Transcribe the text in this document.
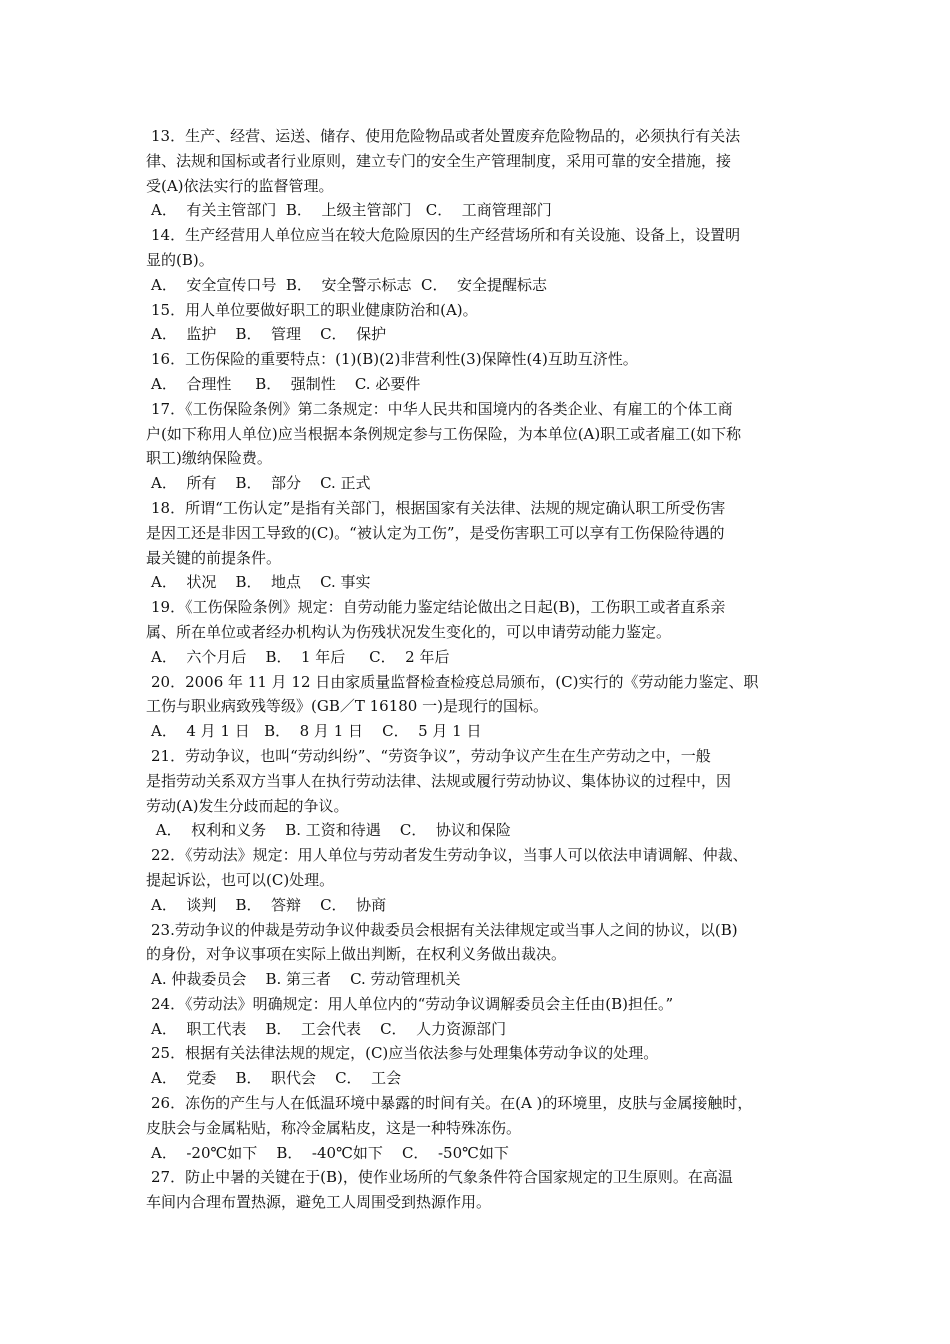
13．生产、经营、运送、储存、使用危险物品或者处置废弃危险物品的，必须执行有关法
律、法规和国标或者行业原则，建立专门的安全生产管理制度，采用可靠的安全措施，接
受(A)依法实行的监督管理。
A．  有关主管部门  B．  上级主管部门   C．  工商管理部门
14．生产经营用人单位应当在较大危险原因的生产经营场所和有关设施、设备上，设置明
显的(B)。
A．  安全宣传口号  B．  安全警示标志  C．  安全提醒标志
15．用人单位要做好职工的职业健康防治和(A)。
A．  监护    B．  管理    C．  保护
16．工伤保险的重要特点：(1)(B)(2)非营利性(3)保障性(4)互助互济性。
A．  合理性     B．  强制性    C. 必要件
17．《工伤保险条例》第二条规定：中华人民共和国境内的各类企业、有雇工的个体工商
户(如下称用人单位)应当根据本条例规定参与工伤保险，为本单位(A)职工或者雇工(如下称
职工)缴纳保险费。
A．  所有    B．  部分    C. 正式
18．所谓“工伤认定”是指有关部门，根据国家有关法律、法规的规定确认职工所受伤害
是因工还是非因工导致的(C)。“被认定为工伤”，是受伤害职工可以享有工伤保险待遇的
最关键的前提条件。
A．  状况    B．  地点    C. 事实
19．《工伤保险条例》规定：自劳动能力鉴定结论做出之日起(B)，工伤职工或者直系亲
属、所在单位或者经办机构认为伤残状况发生变化的，可以申请劳动能力鉴定。
A．  六个月后    B．  1 年后     C．  2 年后
20．2006 年 11 月 12 日由家质量监督检查检疫总局颁布，(C)实行的《劳动能力鉴定、职
工伤与职业病致残等级》(GB／T 16180 一)是现行的国标。
A．  4 月 1 日   B．  8 月 1 日    C．  5 月 1 日
21．劳动争议，也叫“劳动纠纷”、“劳资争议”，劳动争议产生在生产劳动之中，一般
是指劳动关系双方当事人在执行劳动法律、法规或履行劳动协议、集体协议的过程中，因
劳动(A)发生分歧而起的争议。
A．  权利和义务    B. 工资和待遇    C．  协议和保险
22．《劳动法》规定：用人单位与劳动者发生劳动争议，当事人可以依法申请调解、仲裁、
提起诉讼，也可以(C)处理。
A．  谈判    B．  答辩    C．  协商
23.劳动争议的仲裁是劳动争议仲裁委员会根据有关法律规定或当事人之间的协议，以(B)
的身份，对争议事项在实际上做出判断，在权利义务做出裁决。
A. 仲裁委员会    B. 第三者    C. 劳动管理机关
24．《劳动法》明确规定：用人单位内的“劳动争议调解委员会主任由(B)担任。”
A．  职工代表    B．  工会代表    C．  人力资源部门
25．根据有关法律法规的规定，(C)应当依法参与处理集体劳动争议的处理。
A．  党委    B．  职代会    C．  工会
26．冻伤的产生与人在低温环境中暴露的时间有关。在(A )的环境里，皮肤与金属接触时，
皮肤会与金属粘贴，称冷金属粘皮，这是一种特殊冻伤。
A．  -20℃如下    B．  -40℃如下    C．  -50℃如下
27．防止中暑的关键在于(B)，使作业场所的气象条件符合国家规定的卫生原则。在高温
车间内合理布置热源，避免工人周围受到热源作用。
